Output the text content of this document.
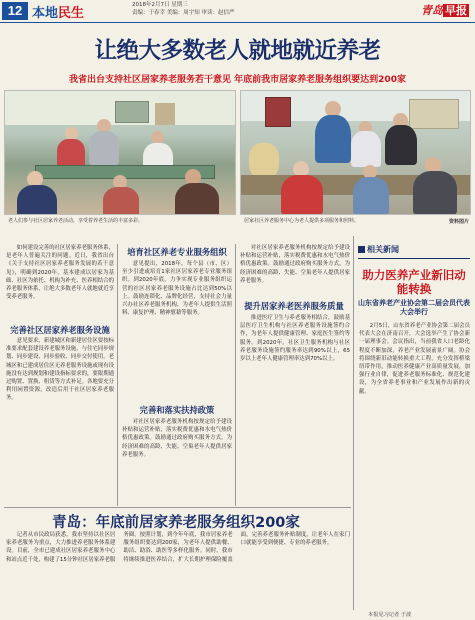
12 本地民生
2018年2月7日 星期三
责编：于春幸 美编：周宇知 审读：赵信严	青岛 早报
让绝大多数老人就地就近养老
我省出台支持社区居家养老服务若干意见 年底前我市居家养老服务组织要达到200家
老人们参与社区居家养老活动，享受着养老生活的丰富多彩。	居家社区养老服务中心为老人提供多项服务和照料。	资料图片

如何建设完善的社区居家养老服务体系，是老年人普遍关注的问题。近日，我省出台《关于支持社区居家养老服务发展的若干意见》，明确到2020年，基本建成以居家为基础、社区为依托、机构为补充、医养相结合的养老服务体系，让绝大多数老年人就地就近享受养老服务。

完善社区居家养老服务设施

意见要求，新建城区和新建居住区要按标准要求配套建设养老服务设施，与住宅同步规划、同步建设、同步验收、同步交付使用。老城区和已建成居住区无养老服务设施或现有设施没有达到规划和建设指标要求的，要限期通过购置、置换、租赁等方式补足。各地要充分利用闲置资源，改造后用于社区居家养老服务。

培育社区养老专业服务组织

意见提出，2018年，每个县（市、区）至少引进或培育1家社区居家养老专业服务组织。到2020年底，力争实现专业服务组织运营的社区居家养老服务设施占比达到50%以上。鼓励连锁化、品牌化经营，支持社会力量兴办社区养老服务机构，为老年人提供生活照料、康复护理、精神慰藉等服务。

完善和落实扶持政策

对社区居家养老服务机构按规定给予建设补贴和运营补贴，落实税费优惠和水电气热价格优惠政策。鼓励通过政府购买服务方式，为经济困难的高龄、失能、空巢老年人提供居家养老服务。

对社区居家养老服务机构按规定给予建设补贴和运营补贴，落实税费优惠和水电气热价格优惠政策。鼓励通过政府购买服务方式，为经济困难的高龄、失能、空巢老年人提供居家养老服务。

提升居家养老医养服务质量

推进医疗卫生与养老服务相结合，鼓励基层医疗卫生机构与社区养老服务设施签约合作，为老年人提供健康管理、家庭医生签约等服务。到2020年，社区卫生服务机构与社区养老服务设施签约服务率达到90%以上，65岁以上老年人健康管理率达到70%以上。

青岛：年底前居家养老服务组织200家

记者从市民政局获悉，我市坚持以社区居家养老服务为重点，大力推进养老服务体系建设。目前，全市已建成社区居家养老服务中心和站点近千处，构建了15分钟社区居家养老服务圈。按照计划，到今年年底，我市居家养老服务组织要达到200家，为老年人提供助餐、助洁、助浴、助医等多样化服务。同时，我市将继续推进医养结合，扩大长期护理保险覆盖面，完善养老服务补贴制度，让老年人在家门口就能享受到便捷、专业的养老服务。

相关新闻
助力医养产业新旧动能转换
山东省养老产业协会第二届会员代表大会举行

2月5日，山东省养老产业协会第二届会员代表大会在济南召开，大会选举产生了协会新一届理事会。会议指出，当前我省人口老龄化程度不断加深，养老产业发展前景广阔。协会将围绕新旧动能转换重大工程，充分发挥桥梁纽带作用，推动医养健康产业高质量发展，加强行业自律，促进养老服务标准化、规范化建设，为全省养老事业和产业发展作出新的贡献。

本报见习记者 于波
